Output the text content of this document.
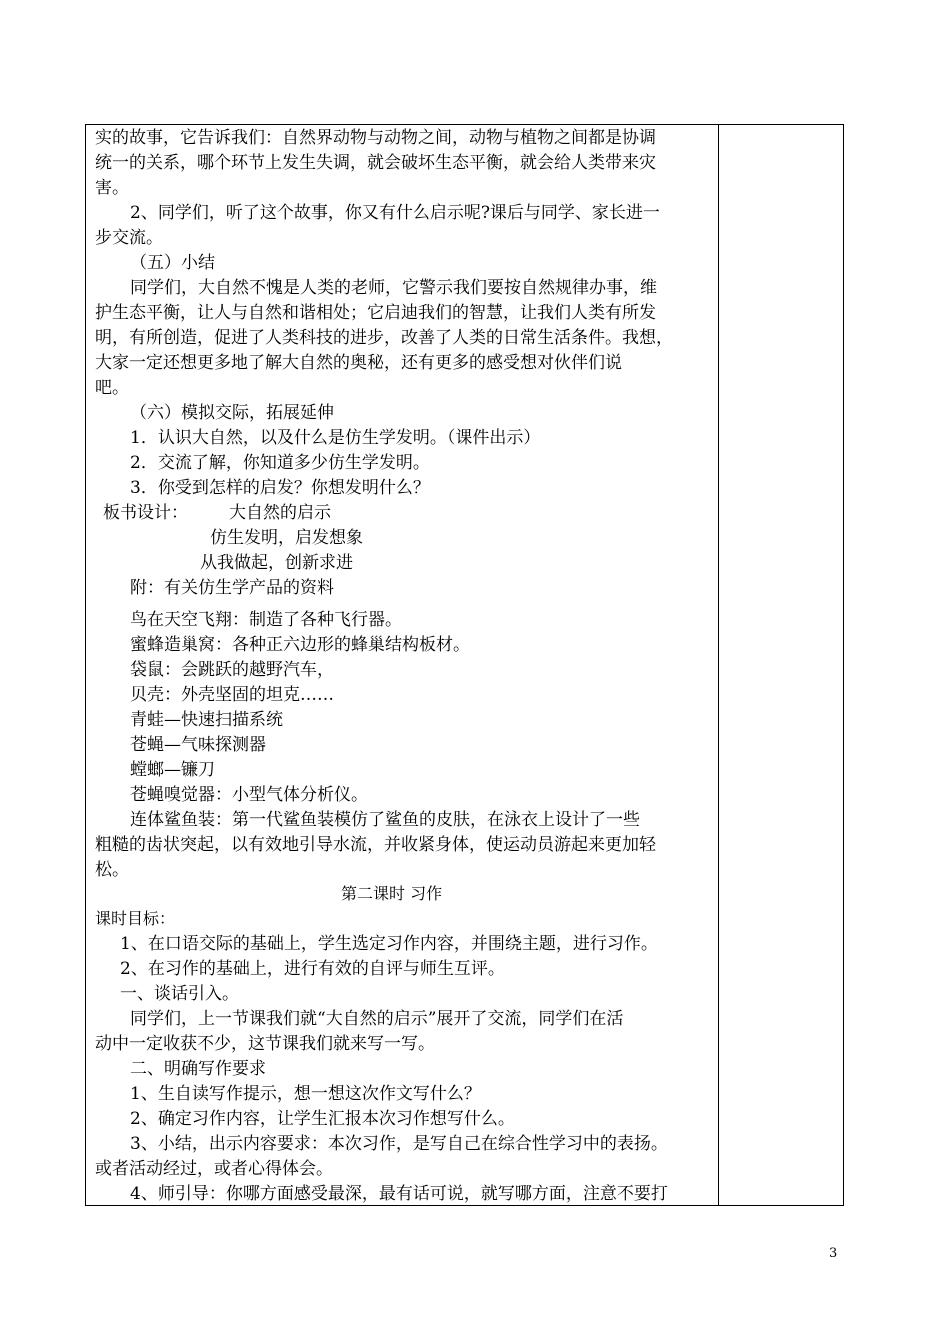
实的故事，它告诉我们：自然界动物与动物之间，动物与植物之间都是协调
统一的关系，哪个环节上发生失调，就会破坏生态平衡，就会给人类带来灾
害。
2、同学们，听了这个故事，你又有什么启示呢?课后与同学、家长进一
步交流。
（五）小结
同学们，大自然不愧是人类的老师，它警示我们要按自然规律办事，维
护生态平衡，让人与自然和谐相处；它启迪我们的智慧，让我们人类有所发
明，有所创造，促进了人类科技的进步，改善了人类的日常生活条件。我想，
大家一定还想更多地了解大自然的奥秘，还有更多的感受想对伙伴们说
吧。
（六）模拟交际，拓展延伸
1．认识大自然，以及什么是仿生学发明。（课件出示）
2．交流了解，你知道多少仿生学发明。
3．你受到怎样的启发？你想发明什么？
板书设计： 大自然的启示
仿生发明，启发想象
从我做起，创新求进
附：有关仿生学产品的资料
鸟在天空飞翔：制造了各种飞行器。
蜜蜂造巢窝：各种正六边形的蜂巢结构板材。
袋鼠：会跳跃的越野汽车，
贝壳：外壳坚固的坦克……
青蛙—快速扫描系统
苍蝇—气味探测器
螳螂—镰刀
苍蝇嗅觉器：小型气体分析仪。
连体鲨鱼装：第一代鲨鱼装模仿了鲨鱼的皮肤，在泳衣上设计了一些
粗糙的齿状突起，以有效地引导水流，并收紧身体，使运动员游起来更加轻
松。
第二课时 习作
课时目标：
1、在口语交际的基础上，学生选定习作内容，并围绕主题，进行习作。
2、在习作的基础上，进行有效的自评与师生互评。
一、谈话引入。
同学们，上一节课我们就“大自然的启示”展开了交流，同学们在活
动中一定收获不少，这节课我们就来写一写。
二、明确写作要求
1、生自读写作提示，想一想这次作文写什么？
2、确定习作内容，让学生汇报本次习作想写什么。
3、小结，出示内容要求：本次习作，是写自己在综合性学习中的表扬。
或者活动经过，或者心得体会。
4、师引导：你哪方面感受最深，最有话可说，就写哪方面，注意不要打
3
